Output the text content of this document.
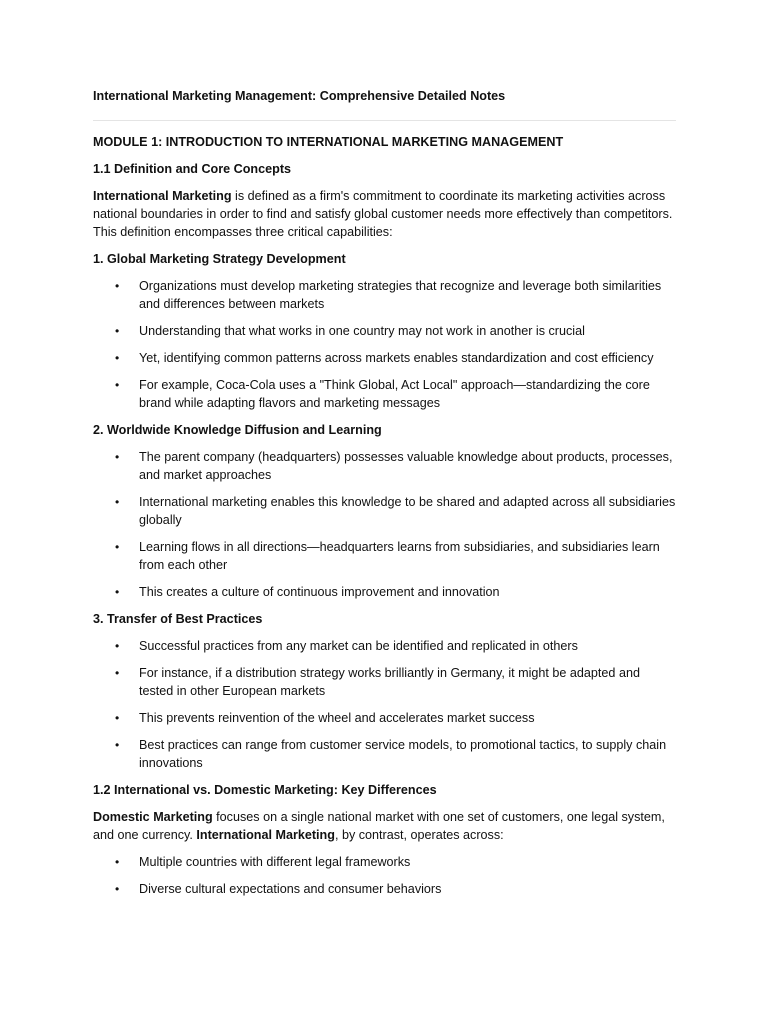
International Marketing Management: Comprehensive Detailed Notes
MODULE 1: INTRODUCTION TO INTERNATIONAL MARKETING MANAGEMENT
1.1 Definition and Core Concepts
International Marketing is defined as a firm's commitment to coordinate its marketing activities across national boundaries in order to find and satisfy global customer needs more effectively than competitors. This definition encompasses three critical capabilities:
1. Global Marketing Strategy Development
• Organizations must develop marketing strategies that recognize and leverage both similarities and differences between markets
• Understanding that what works in one country may not work in another is crucial
• Yet, identifying common patterns across markets enables standardization and cost efficiency
• For example, Coca-Cola uses a "Think Global, Act Local" approach—standardizing the core brand while adapting flavors and marketing messages
2. Worldwide Knowledge Diffusion and Learning
• The parent company (headquarters) possesses valuable knowledge about products, processes, and market approaches
• International marketing enables this knowledge to be shared and adapted across all subsidiaries globally
• Learning flows in all directions—headquarters learns from subsidiaries, and subsidiaries learn from each other
• This creates a culture of continuous improvement and innovation
3. Transfer of Best Practices
• Successful practices from any market can be identified and replicated in others
• For instance, if a distribution strategy works brilliantly in Germany, it might be adapted and tested in other European markets
• This prevents reinvention of the wheel and accelerates market success
• Best practices can range from customer service models, to promotional tactics, to supply chain innovations
1.2 International vs. Domestic Marketing: Key Differences
Domestic Marketing focuses on a single national market with one set of customers, one legal system, and one currency. International Marketing, by contrast, operates across:
• Multiple countries with different legal frameworks
• Diverse cultural expectations and consumer behaviors
